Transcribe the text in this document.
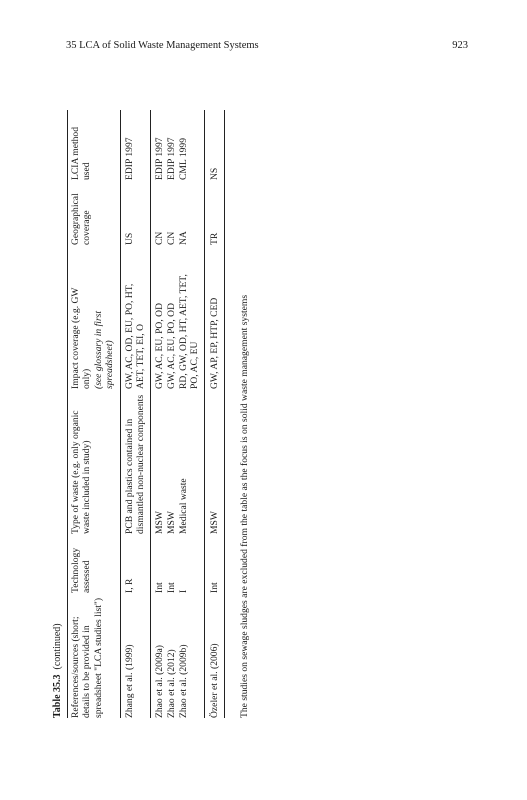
35 LCA of Solid Waste Management Systems	923
Table 35.3  (continued) References/sources (short; details to be provided in spreadsheet "LCA studies list")
Technology assessed
Type of waste (e.g. only organic waste included in study)
Impact coverage (e.g. GW only) (see glossary in first spreadsheet)
Geographical coverage
LCIA method used
Zhang et al. (1999)
I, R
PCB and plastics contained in dismantled non-nuclear components
GW, AC, OD, EU, PO, HT, AET, TET, EI, O
US
EDIP 1997
Zhao et al. (2009a)
Int
MSW
GW, AC, EU, PO, OD
CN
EDIP 1997
Zhao et al. (2012)
Int
MSW
GW, AC, EU, PO, OD
CN
EDIP 1997
Zhao et al. (2009b)
I
Medical waste
RD, GW, OD, HT, AET, TET, PO, AC, EU
NA
CML 1999
Özeler et al. (2006)
Int
MSW
GW, AP, EP, HTP, CED
TR
NS
The studies on sewage sludges are excluded from the table as the focus is on solid waste management systems
